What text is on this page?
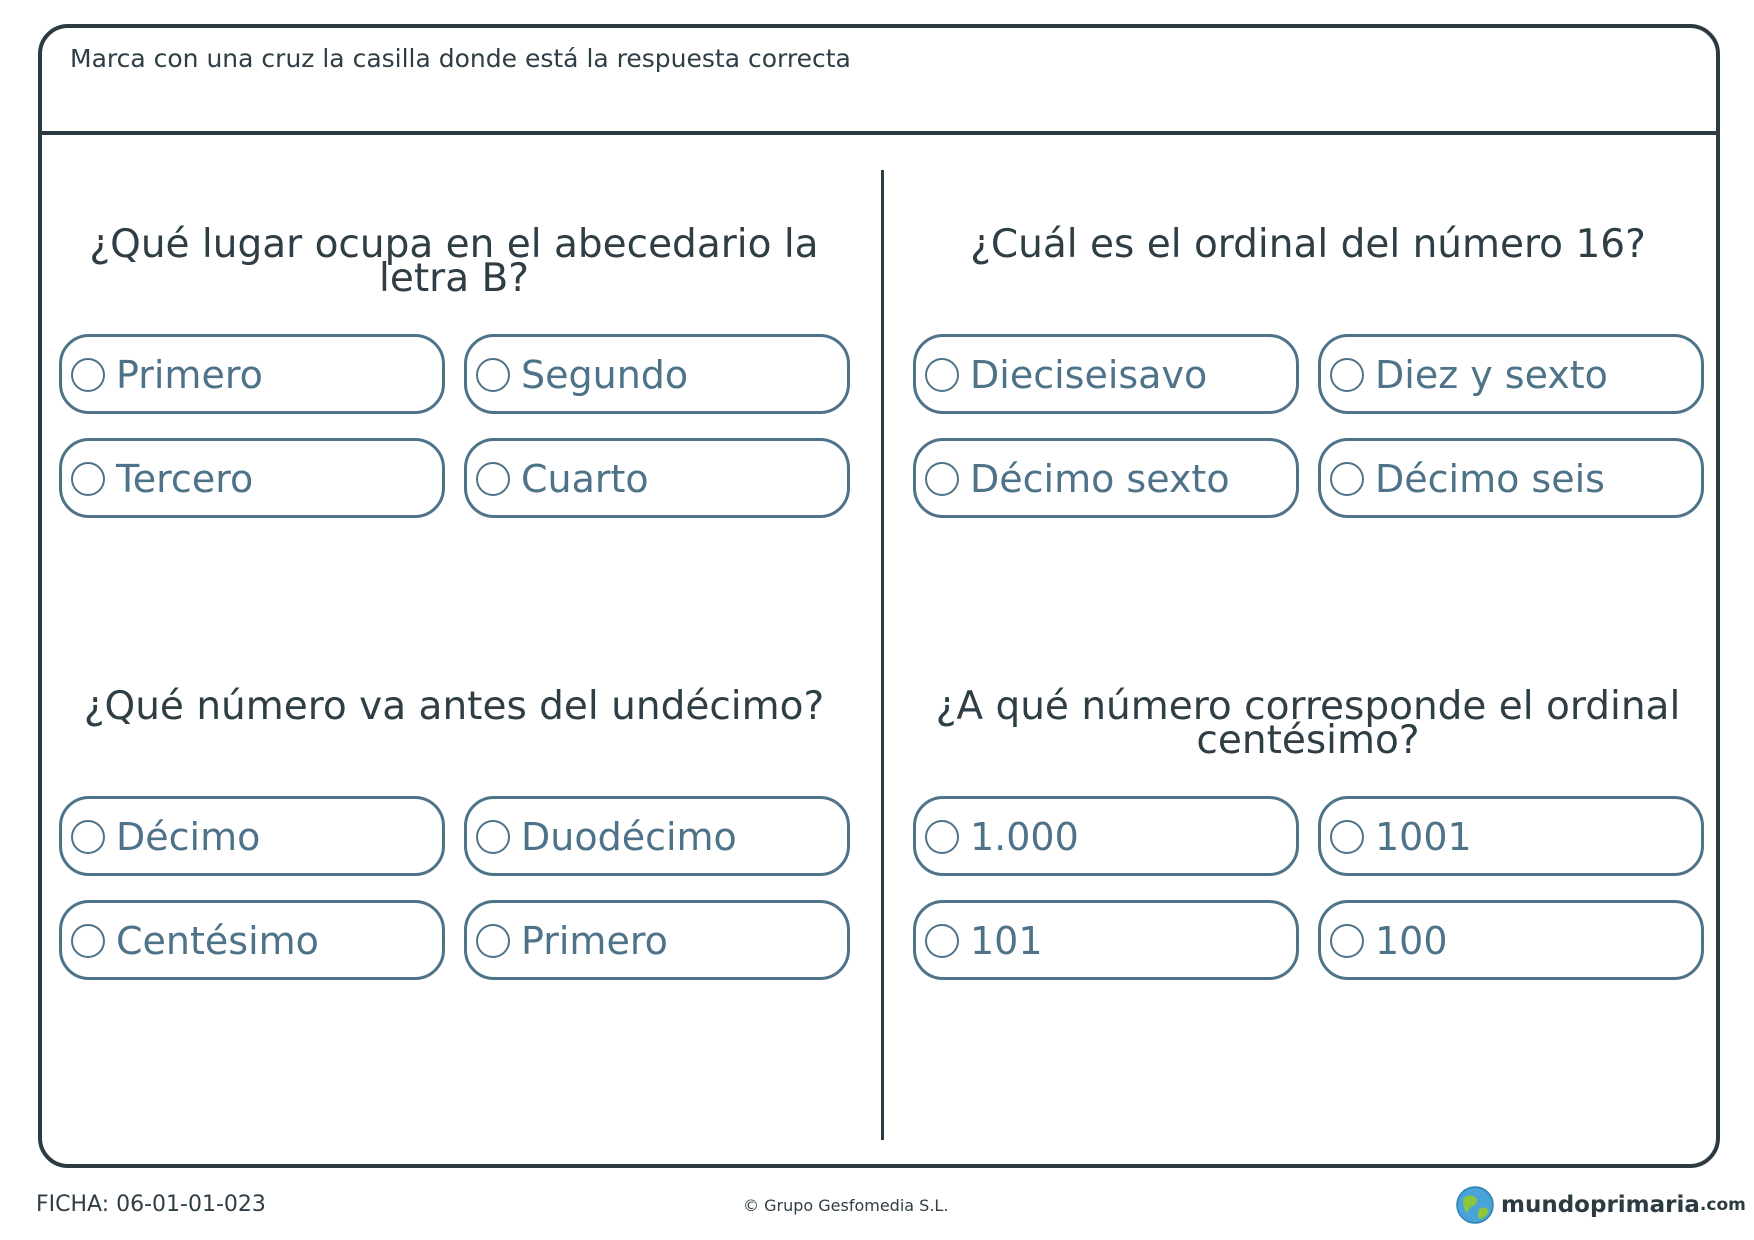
Marca con una cruz la casilla donde está la respuesta correcta
¿Qué lugar ocupa en el abecedario la letra B?
Primero	Segundo
Tercero	Cuarto
¿Cuál es el ordinal del número 16?
Dieciseisavo	Diez y sexto
Décimo sexto	Décimo seis
¿Qué número va antes del undécimo?
Décimo	Duodécimo
Centésimo	Primero
¿A qué número corresponde el ordinal centésimo?
1.000	1001
101	100
FICHA: 06-01-01-023	© Grupo Gesfomedia S.L.	mundoprimaria .com
